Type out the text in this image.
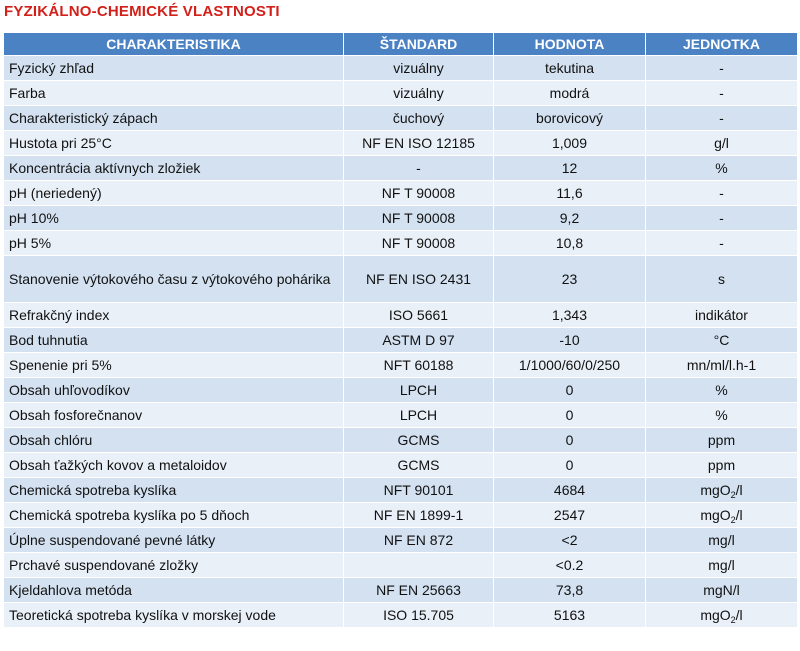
FYZIKÁLNO-CHEMICKÉ VLASTNOSTI
CHARAKTERISTIKA	ŠTANDARD	HODNOTA	JEDNOTKA
Fyzický zhľad	vizuálny	tekutina	-
Farba	vizuálny	modrá	-
Charakteristický zápach	čuchový	borovicový	-
Hustota pri 25°C	NF EN ISO 12185	1,009	g/l
Koncentrácia aktívnych zložiek	-	12	%
pH (neriedený)	NF T 90008	11,6	-
pH 10%	NF T 90008	9,2	-
pH 5%	NF T 90008	10,8	-
Stanovenie výtokového času z výtokového pohárika	NF EN ISO 2431	23	s
Refrakčný index	ISO 5661	1,343	indikátor
Bod tuhnutia	ASTM D 97	-10	°C
Spenenie pri 5%	NFT 60188	1/1000/60/0/250	mn/ml/l.h-1
Obsah uhľovodíkov	LPCH	0	%
Obsah fosforečnanov	LPCH	0	%
Obsah chlóru	GCMS	0	ppm
Obsah ťažkých kovov a metaloidov	GCMS	0	ppm
Chemická spotreba kyslíka	NFT 90101	4684	mgO$_2$/l
Chemická spotreba kyslíka po 5 dňoch	NF EN 1899-1	2547	mgO$_2$/l
Úplne suspendované pevné látky	NF EN 872	<2	mg/l
Prchavé suspendované zložky		<0.2	mg/l
Kjeldahlova metóda	NF EN 25663	73,8	mgN/l
Teoretická spotreba kyslíka v morskej vode	ISO 15.705	5163	mgO$_2$/l
